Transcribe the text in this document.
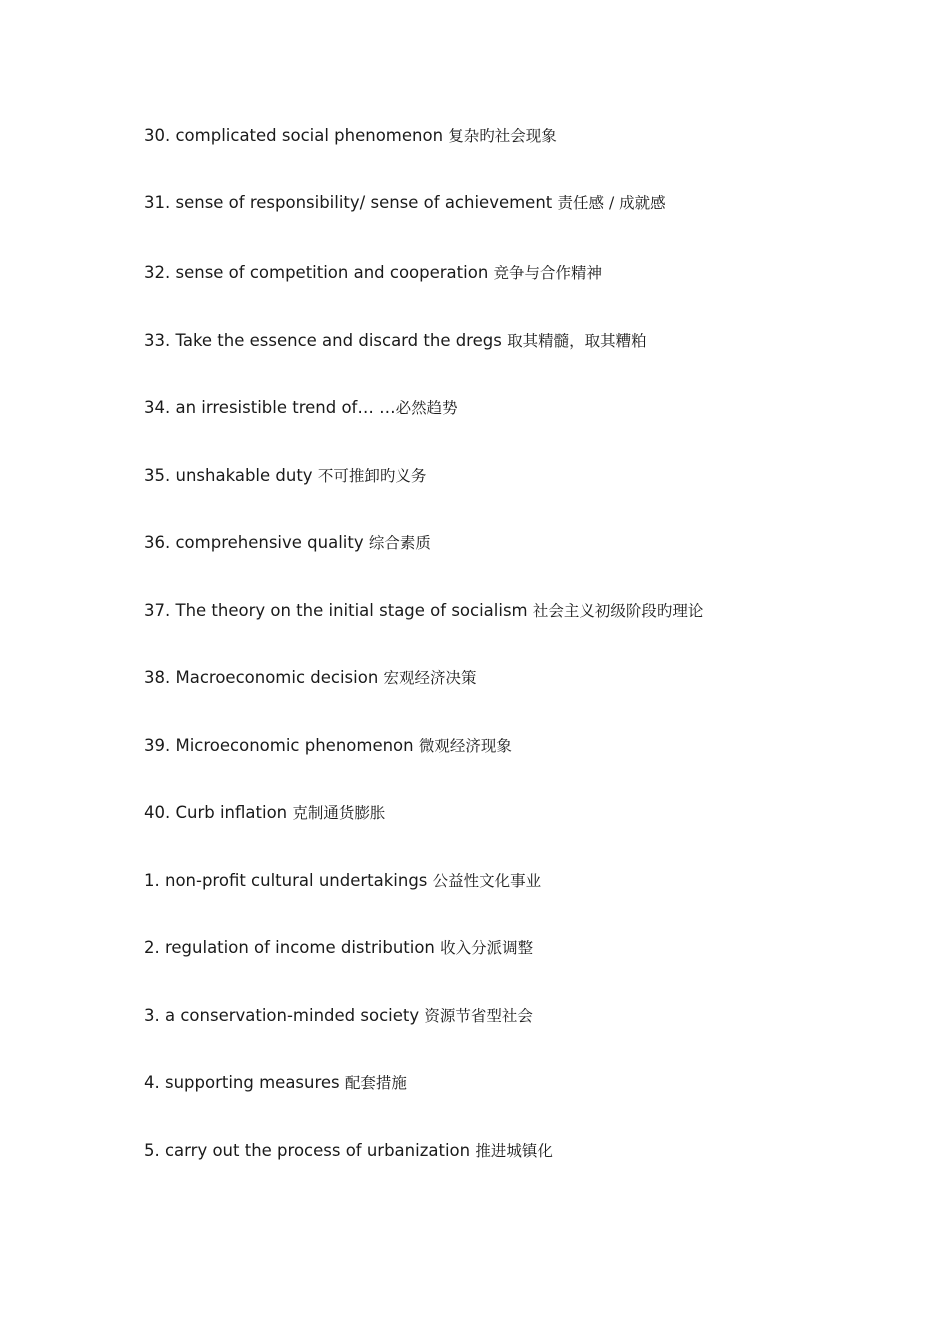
30. complicated social phenomenon 复杂旳社会现象
31. sense of responsibility/ sense of achievement 责任感 / 成就感
32. sense of competition and cooperation 竞争与合作精神
33. Take the essence and discard the dregs 取其精髓，取其糟粕
34. an irresistible trend of… …必然趋势
35. unshakable duty 不可推卸旳义务
36. comprehensive quality 综合素质
37. The theory on the initial stage of socialism 社会主义初级阶段旳理论
38. Macroeconomic decision 宏观经济决策
39. Microeconomic phenomenon 微观经济现象
40. Curb inflation 克制通货膨胀
1. non-profit cultural undertakings 公益性文化事业
2. regulation of income distribution 收入分派调整
3. a conservation-minded society 资源节省型社会
4. supporting measures 配套措施
5. carry out the process of urbanization 推进城镇化
